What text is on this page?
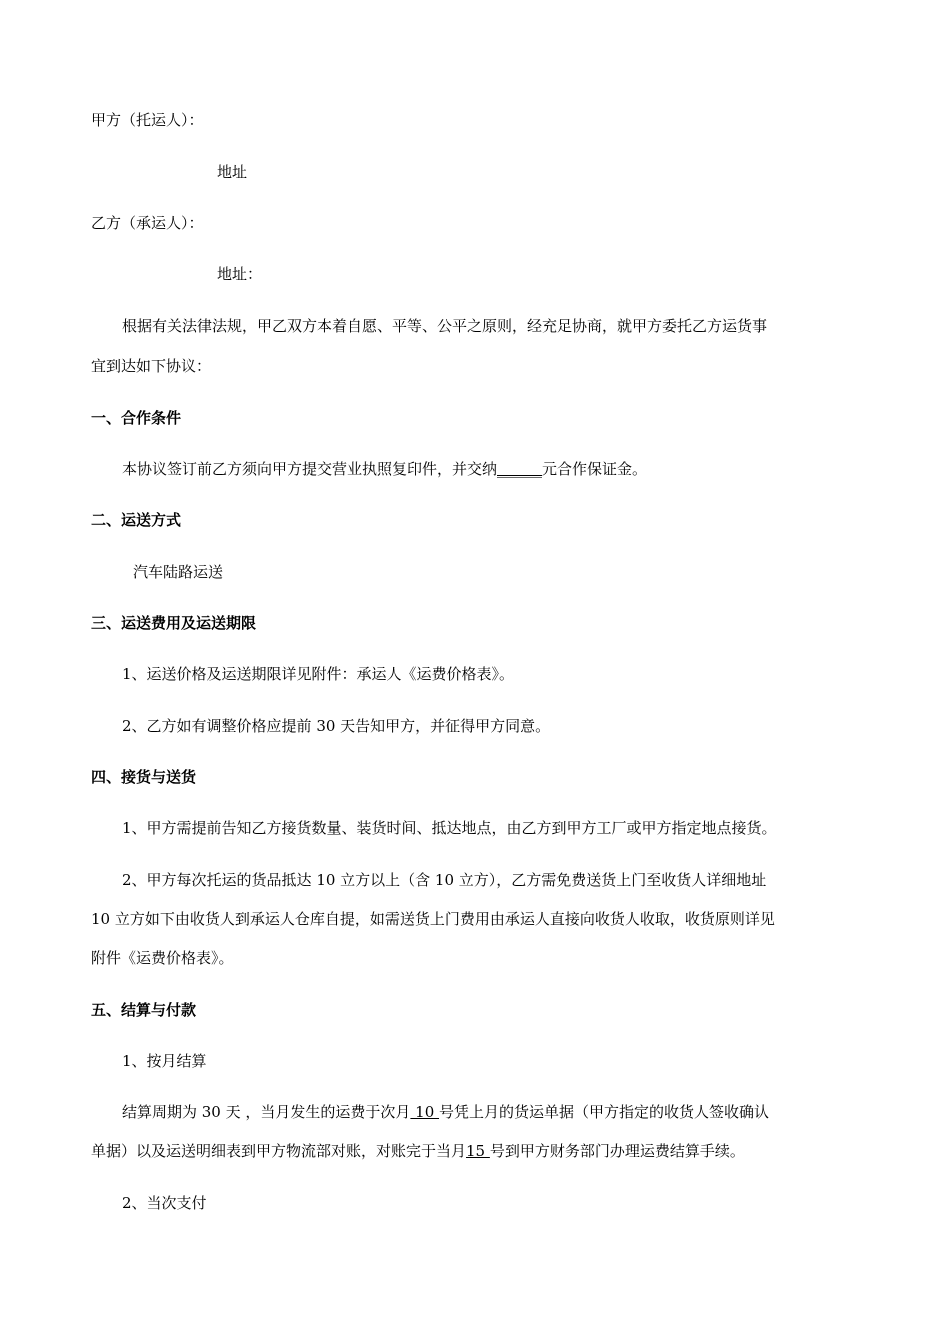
甲方（托运人）：
地址
乙方（承运人）：
地址：
根据有关法律法规，甲乙双方本着自愿、平等、公平之原则，经充足协商，就甲方委托乙方运货事
宜到达如下协议：
一、合作条件
本协议签订前乙方须向甲方提交营业执照复印件，并交纳______元合作保证金。
二、运送方式
汽车陆路运送
三、运送费用及运送期限
1、运送价格及运送期限详见附件：承运人《运费价格表》。
2、乙方如有调整价格应提前 30 天告知甲方，并征得甲方同意。
四、接货与送货
1、甲方需提前告知乙方接货数量、装货时间、抵达地点，由乙方到甲方工厂或甲方指定地点接货。
2、甲方每次托运的货品抵达 10 立方以上（含 10 立方），乙方需免费送货上门至收货人详细地址
10 立方如下由收货人到承运人仓库自提，如需送货上门费用由承运人直接向收货人收取，收货原则详见
附件《运费价格表》。
五、结算与付款
1、按月结算
结算周期为 30 天 ，当月发生的运费于次月 10 号凭上月的货运单据（甲方指定的收货人签收确认
单据）以及运送明细表到甲方物流部对账，对账完于当月15 号到甲方财务部门办理运费结算手续。
2、当次支付
